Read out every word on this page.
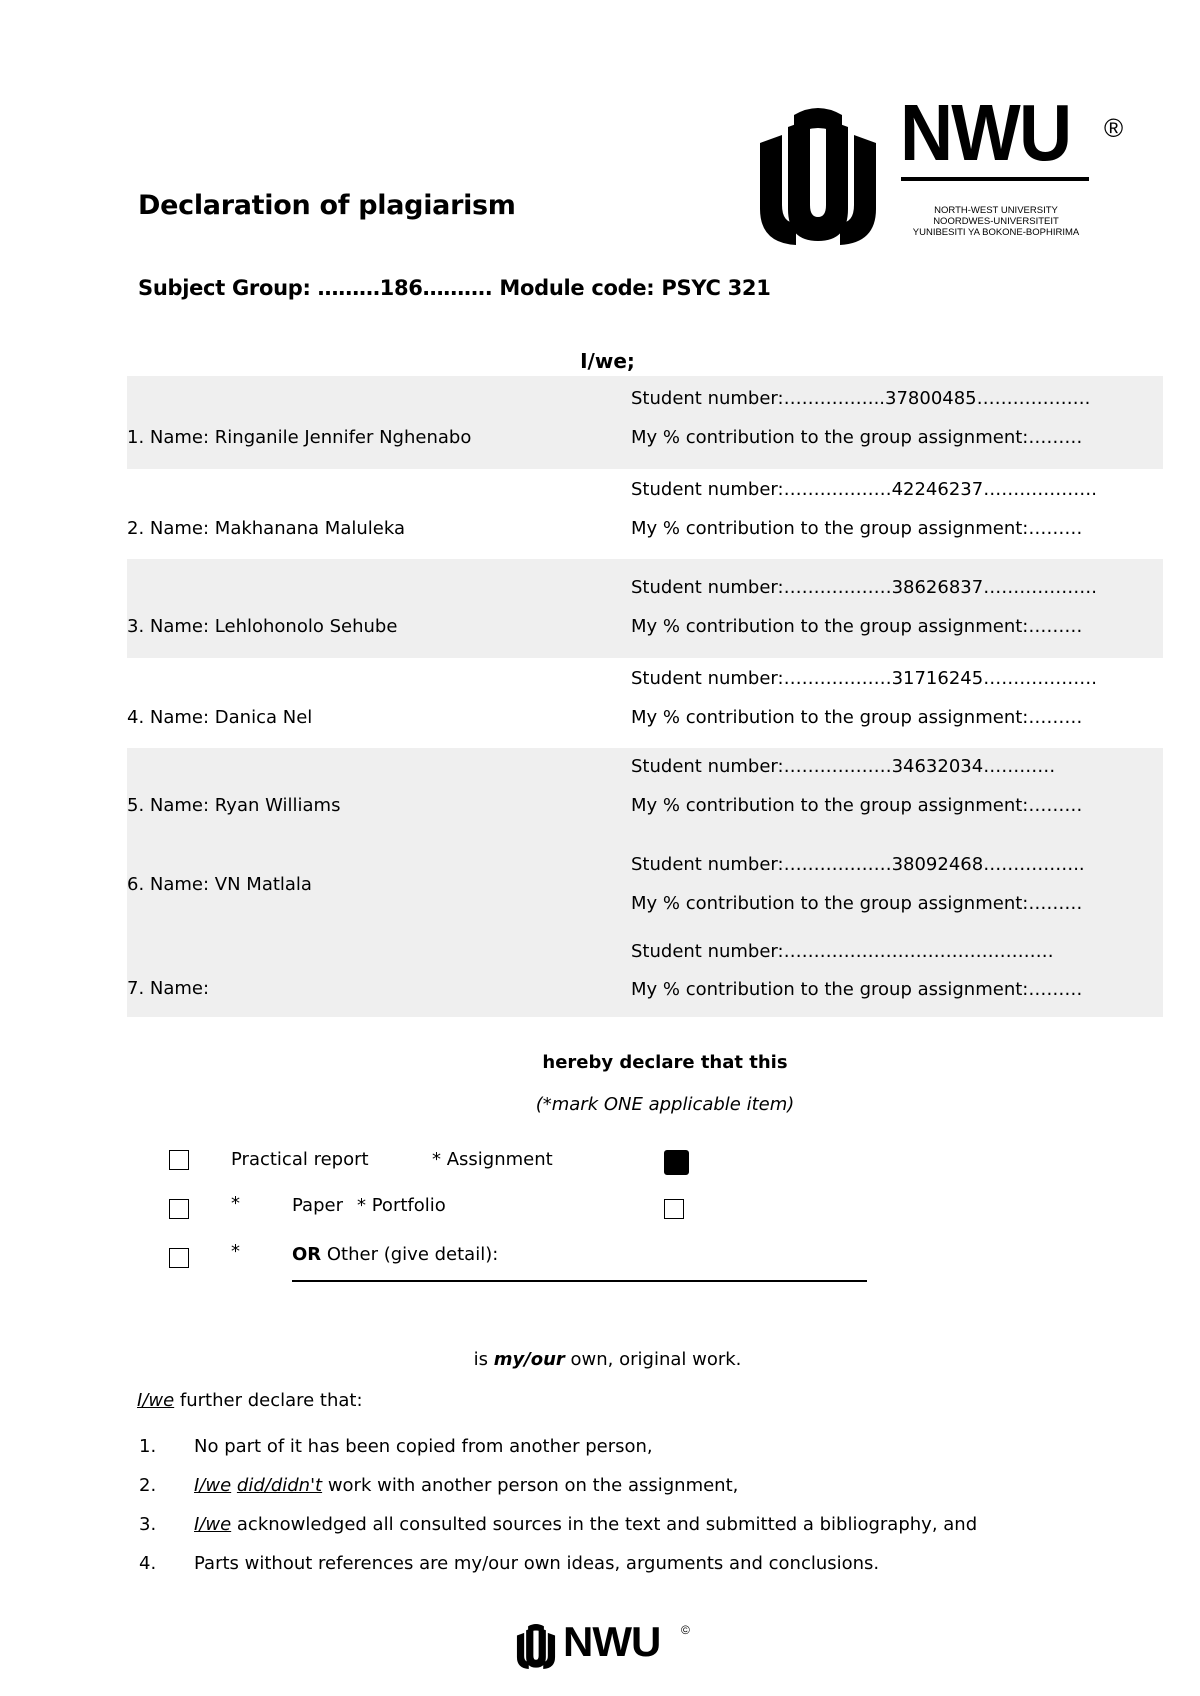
Declaration of plagiarism
Subject Group: ………186………. Module code: PSYC 321
NWU ®
NORTH-WEST UNIVERSITY
NOORDWES-UNIVERSITEIT
YUNIBESITI YA BOKONE-BOPHIRIMA
I/we;
Student number:……………..37800485……………….
1. Name: Ringanile Jennifer Nghenabo	My % contribution to the group assignment:………
Student number:………………42246237……………….
2. Name: Makhanana Maluleka	My % contribution to the group assignment:………
Student number:………………38626837……………….
3. Name: Lehlohonolo Sehube	My % contribution to the group assignment:………
Student number:………………31716245……………….
4. Name: Danica Nel	My % contribution to the group assignment:………
Student number:………………34632034…………
5. Name: Ryan Williams	My % contribution to the group assignment:………
Student number:………………38092468……………..
6. Name: VN Matlala
My % contribution to the group assignment:………
Student number:………………………………………
7. Name:	My % contribution to the group assignment:………
hereby declare that this
(*mark ONE applicable item)
Practical report	* Assignment
*	Paper * Portfolio
*	OR Other (give detail):
is my/our own, original work.
I/we further declare that:
1. No part of it has been copied from another person,
2. I/we did/didn't work with another person on the assignment,
3. I/we acknowledged all consulted sources in the text and submitted a bibliography, and
4. Parts without references are my/our own ideas, arguments and conclusions.
NWU ©
